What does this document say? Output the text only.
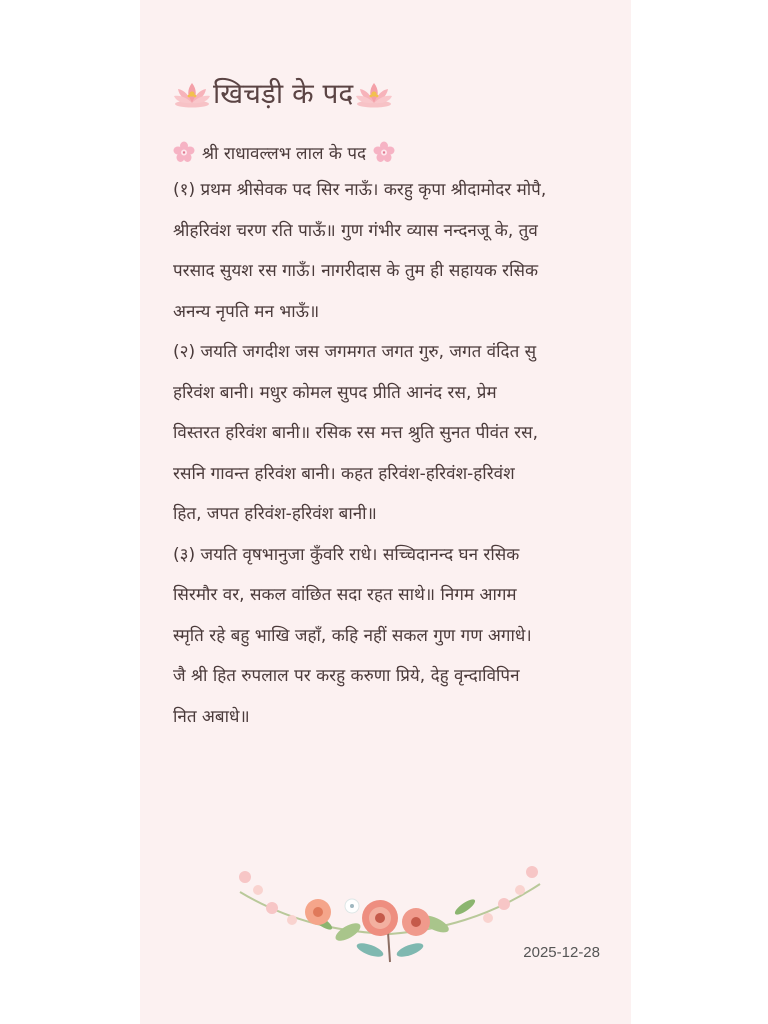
खिचड़ी के पद
श्री राधावल्लभ लाल के पद

(१) प्रथम श्रीसेवक पद सिर नाऊँ। करहु कृपा श्रीदामोदर मोपै,
श्रीहरिवंश चरण रति पाऊँ॥ गुण गंभीर व्यास नन्दनजू के, तुव
परसाद सुयश रस गाऊँ। नागरीदास के तुम ही सहायक रसिक
अनन्य नृपति मन भाऊँ॥

(२) जयति जगदीश जस जगमगत जगत गुरु, जगत वंदित सु
हरिवंश बानी। मधुर कोमल सुपद प्रीति आनंद रस, प्रेम
विस्तरत हरिवंश बानी॥ रसिक रस मत्त श्रुति सुनत पीवंत रस,
रसनि गावन्त हरिवंश बानी। कहत हरिवंश-हरिवंश-हरिवंश
हित, जपत हरिवंश-हरिवंश बानी॥

(३) जयति वृषभानुजा कुँवरि राधे। सच्चिदानन्द घन रसिक
सिरमौर वर, सकल वांछित सदा रहत साथे॥ निगम आगम
स्मृति रहे बहु भाखि जहाँ, कहि नहीं सकल गुण गण अगाधे।
जै श्री हित रुपलाल पर करहु करुणा प्रिये, देहु वृन्दाविपिन
नित अबाधे॥

2025-12-28
